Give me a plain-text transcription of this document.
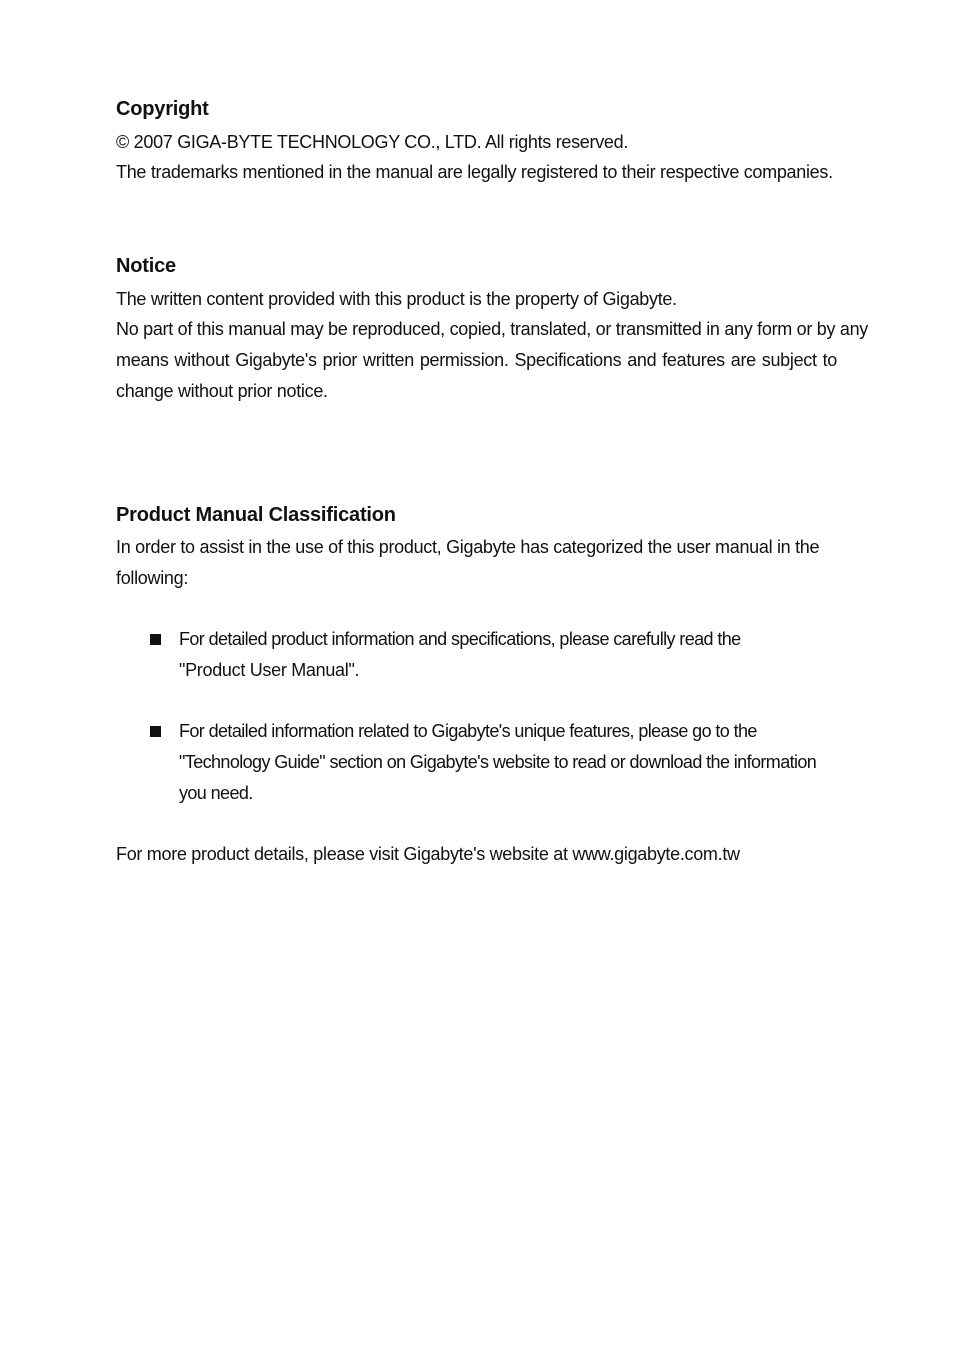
Copyright
© 2007 GIGA-BYTE TECHNOLOGY CO., LTD. All rights reserved.
The trademarks mentioned in the manual are legally registered to their respective companies.
Notice
The written content provided with this product is the property of Gigabyte.
No part of this manual may be reproduced, copied, translated, or transmitted in any form or by any
means without Gigabyte's prior written permission. Specifications and features are subject to
change without prior notice.
Product Manual Classification
In order to assist in the use of this product, Gigabyte has categorized the user manual in the
following:
For detailed product information and specifications, please carefully read the
"Product User Manual".
For detailed information related to Gigabyte's unique features, please go to the
"Technology Guide" section on Gigabyte's website to read or download the information
you need.
For more product details, please visit Gigabyte's website at www.gigabyte.com.tw
